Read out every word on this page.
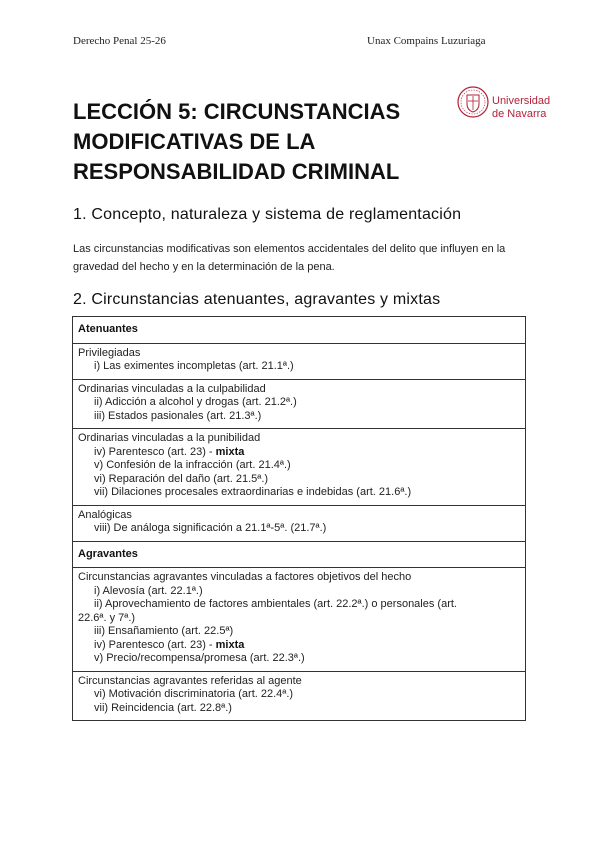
Derecho Penal 25-26	Unax Compains Luzuriaga
LECCIÓN 5: CIRCUNSTANCIAS MODIFICATIVAS DE LA RESPONSABILIDAD CRIMINAL
Universidad
de Navarra
1. Concepto, naturaleza y sistema de reglamentación

Las circunstancias modificativas son elementos accidentales del delito que influyen en la gravedad del hecho y en la determinación de la pena.

2. Circunstancias atenuantes, agravantes y mixtas
Atenuantes
Privilegiadas
i) Las eximentes incompletas (art. 21.1ª.)
Ordinarias vinculadas a la culpabilidad
ii) Adicción a alcohol y drogas (art. 21.2ª.)
iii) Estados pasionales (art. 21.3ª.)
Ordinarias vinculadas a la punibilidad
iv) Parentesco (art. 23) - mixta
v) Confesión de la infracción (art. 21.4ª.)
vi) Reparación del daño (art. 21.5ª.)
vii) Dilaciones procesales extraordinarias e indebidas (art. 21.6ª.)
Analógicas
viii) De análoga significación a 21.1ª-5ª. (21.7ª.)
Agravantes
Circunstancias agravantes vinculadas a factores objetivos del hecho
i) Alevosía (art. 22.1ª.)
ii) Aprovechamiento de factores ambientales (art. 22.2ª.) o personales (art.
22.6ª. y 7ª.)
iii) Ensañamiento (art. 22.5ª)
iv) Parentesco (art. 23) - mixta
v) Precio/recompensa/promesa (art. 22.3ª.)
Circunstancias agravantes referidas al agente
vi) Motivación discriminatoria (art. 22.4ª.)
vii) Reincidencia (art. 22.8ª.)
